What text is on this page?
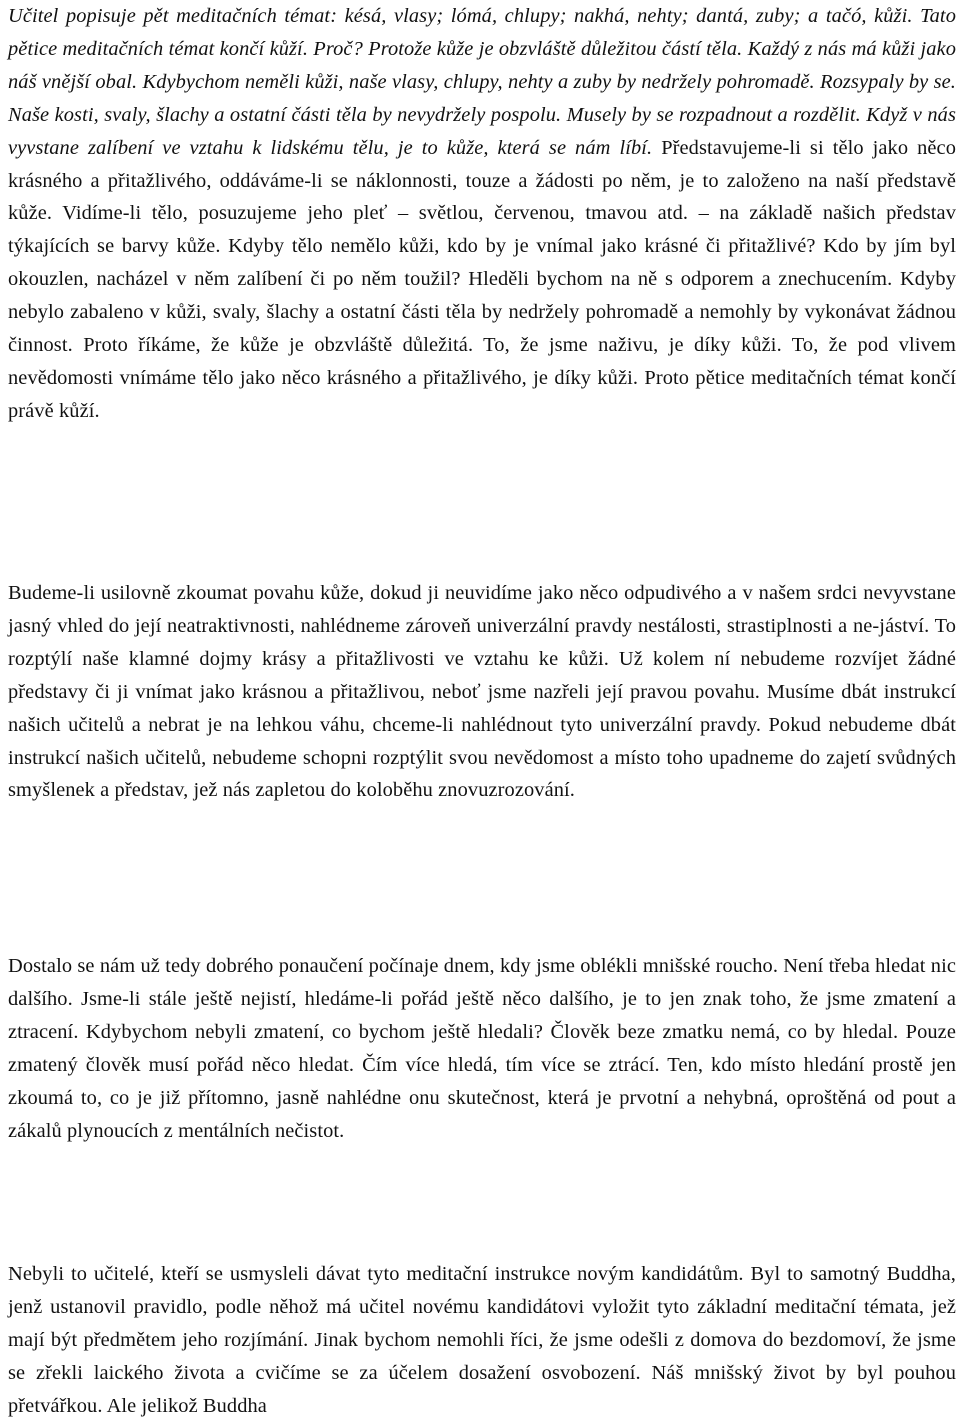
Učitel popisuje pět meditačních témat: késá, vlasy; lómá, chlupy; nakhá, nehty; dantá, zuby; a tačó, kůži. Tato pětice meditačních témat končí kůží. Proč? Protože kůže je obzvláště důležitou částí těla. Každý z nás má kůži jako náš vnější obal. Kdybychom neměli kůži, naše vlasy, chlupy, nehty a zuby by nedržely pohromadě. Rozsypaly by se. Naše kosti, svaly, šlachy a ostatní části těla by nevydržely pospolu. Musely by se rozpadnout a rozdělit. Když v nás vyvstane zalíbení ve vztahu k lidskému tělu, je to kůže, která se nám líbí. Představujeme-li si tělo jako něco krásného a přitažlivého, oddáváme-li se náklonnosti, touze a žádosti po něm, je to založeno na naší představě kůže. Vidíme-li tělo, posuzujeme jeho pleť – světlou, červenou, tmavou atd. – na základě našich představ týkajících se barvy kůže. Kdyby tělo nemělo kůži, kdo by je vnímal jako krásné či přitažlivé? Kdo by jím byl okouzlen, nacházel v něm zalíbení či po něm toužil? Hleděli bychom na ně s odporem a znechucením. Kdyby nebylo zabaleno v kůži, svaly, šlachy a ostatní části těla by nedržely pohromadě a nemohly by vykonávat žádnou činnost. Proto říkáme, že kůže je obzvláště důležitá. To, že jsme naživu, je díky kůži. To, že pod vlivem nevědomosti vnímáme tělo jako něco krásného a přitažlivého, je díky kůži. Proto pětice meditačních témat končí právě kůží.

Budeme-li usilovně zkoumat povahu kůže, dokud ji neuvidíme jako něco odpudivého a v našem srdci nevyvstane jasný vhled do její neatraktivnosti, nahlédneme zároveň univerzální pravdy nestálosti, strastiplnosti a ne-jáství. To rozptýlí naše klamné dojmy krásy a přitažlivosti ve vztahu ke kůži. Už kolem ní nebudeme rozvíjet žádné představy či ji vnímat jako krásnou a přitažlivou, neboť jsme nazřeli její pravou povahu. Musíme dbát instrukcí našich učitelů a nebrat je na lehkou váhu, chceme-li nahlédnout tyto univerzální pravdy. Pokud nebudeme dbát instrukcí našich učitelů, nebudeme schopni rozptýlit svou nevědomost a místo toho upadneme do zajetí svůdných smyšlenek a představ, jež nás zapletou do koloběhu znovuzrozování.

Dostalo se nám už tedy dobrého ponaučení počínaje dnem, kdy jsme oblékli mnišské roucho. Není třeba hledat nic dalšího. Jsme-li stále ještě nejistí, hledáme-li pořád ještě něco dalšího, je to jen znak toho, že jsme zmatení a ztracení. Kdybychom nebyli zmatení, co bychom ještě hledali? Člověk beze zmatku nemá, co by hledal. Pouze zmatený člověk musí pořád něco hledat. Čím více hledá, tím více se ztrácí. Ten, kdo místo hledání prostě jen zkoumá to, co je již přítomno, jasně nahlédne onu skutečnost, která je prvotní a nehybná, oproštěná od pout a zákalů plynoucích z mentálních nečistot.

Nebyli to učitelé, kteří se usmysleli dávat tyto meditační instrukce novým kandidátům. Byl to samotný Buddha, jenž ustanovil pravidlo, podle něhož má učitel novému kandidátovi vyložit tyto základní meditační témata, jež mají být předmětem jeho rozjímání. Jinak bychom nemohli říci, že jsme odešli z domova do bezdomoví, že jsme se zřekli laického života a cvičíme se za účelem dosažení osvobození. Náš mnišský život by byl pouhou přetvářkou. Ale jelikož Buddha
